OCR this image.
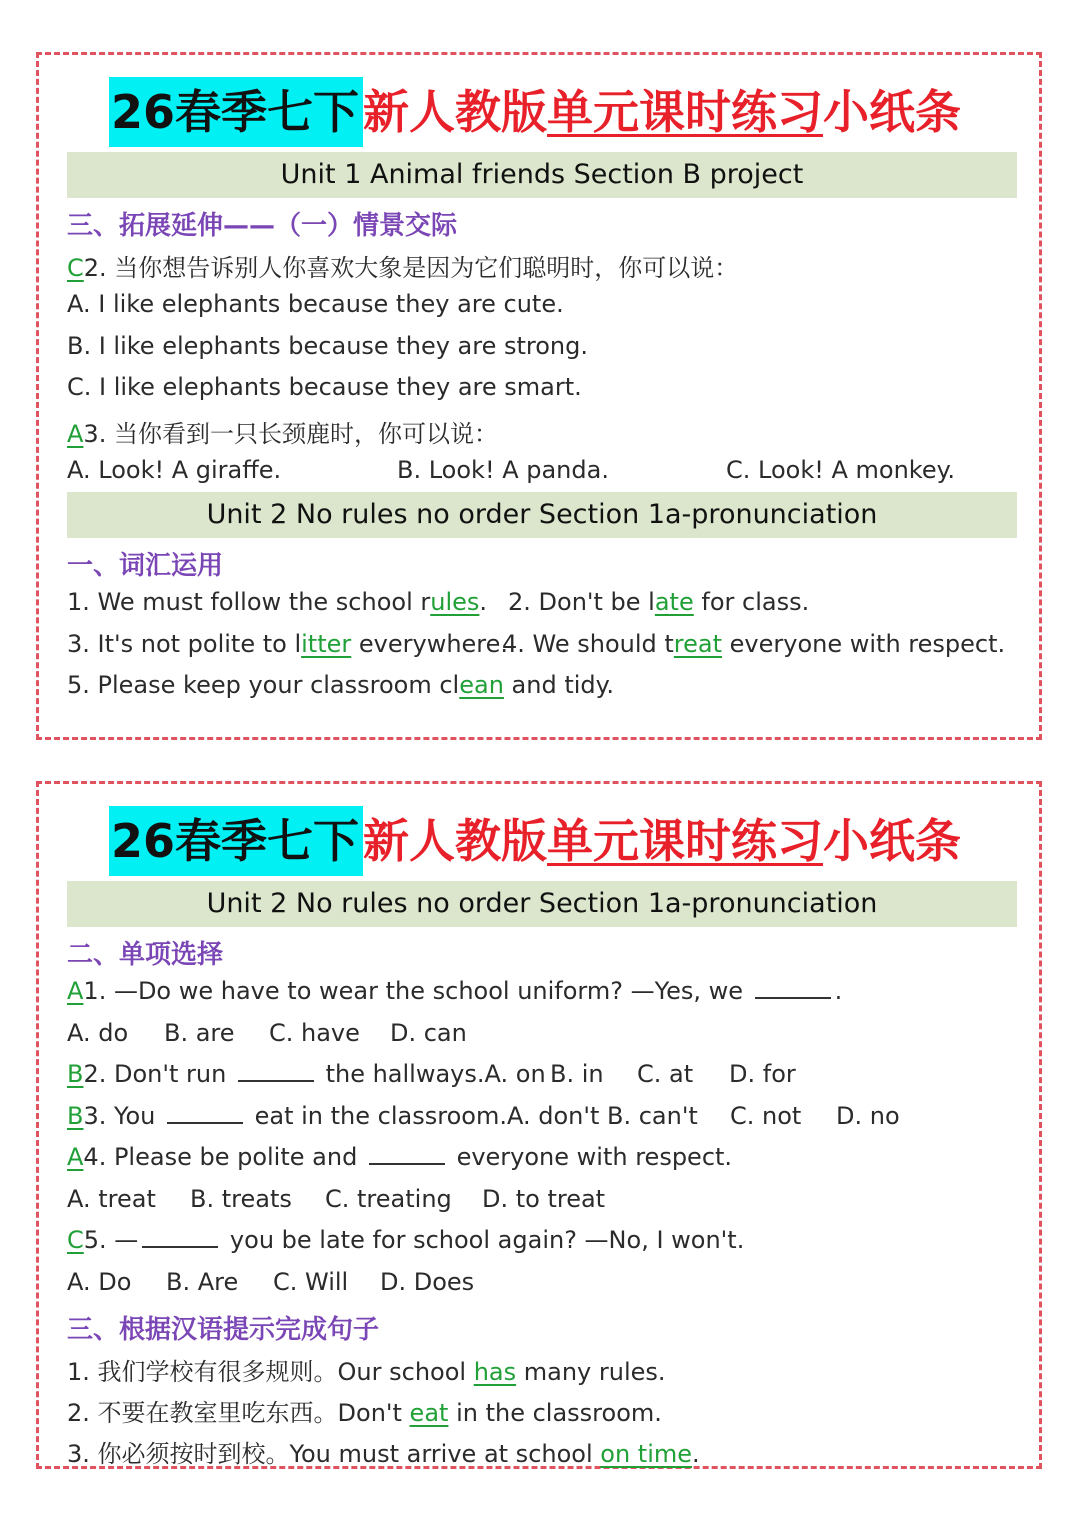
26春季七下新人教版单元课时练习小纸条
Unit 1 Animal friends Section B project
三、拓展延伸——（一）情景交际
C2. 当你想告诉别人你喜欢大象是因为它们聪明时，你可以说：
A. I like elephants because they are cute.
B. I like elephants because they are strong.
C. I like elephants because they are smart.
A3. 当你看到一只长颈鹿时，你可以说：
A. Look! A giraffe.	B. Look! A panda.	C. Look! A monkey.
Unit 2 No rules no order Section 1a-pronunciation
一、词汇运用
1. We must follow the school rules. 2. Don't be late for class.
3. It's not polite to litter everywhere.
4. We should treat everyone with respect.
5. Please keep your classroom clean and tidy.
26春季七下新人教版单元课时练习小纸条
Unit 2 No rules no order Section 1a-pronunciation
二、单项选择
A1. —Do we have to wear the school uniform? —Yes, we	.
A. do B. are C. have D. can
B2. Don't run	the hallways.A. on B. in C. at D. for
B3. You	eat in the classroom.A. don't B. can't C. not D. no
A4. Please be polite and	everyone with respect.
A. treat B. treats C. treating D. to treat
C5. —	you be late for school again? —No, I won't.
A. Do B. Are C. Will D. Does
三、根据汉语提示完成句子
1. 我们学校有很多规则。Our school has many rules.
2. 不要在教室里吃东西。Don't eat in the classroom.
3. 你必须按时到校。You must arrive at school on time.
